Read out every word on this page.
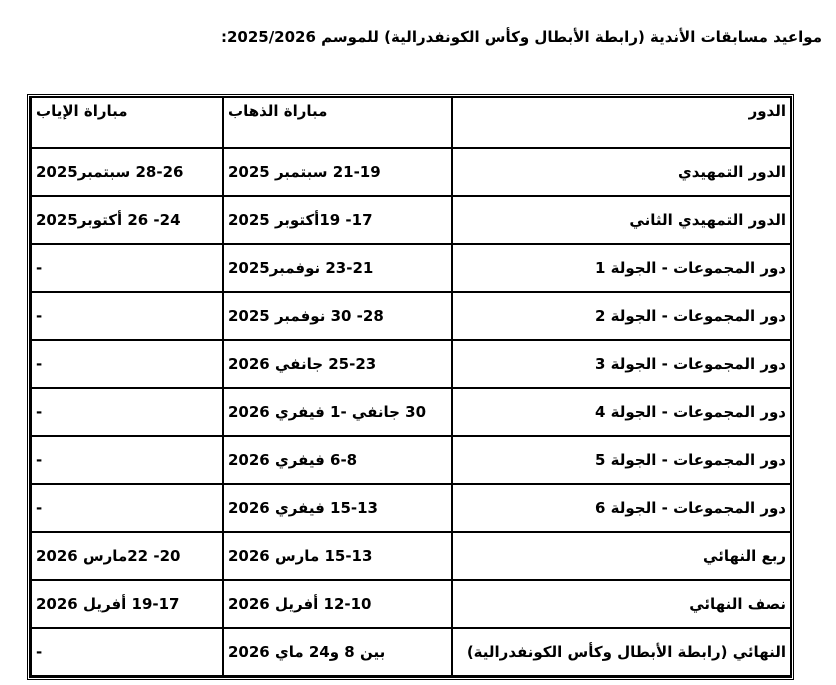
مواعيد مسابقات الأندية (رابطة الأبطال وكأس الكونفدرالية) للموسم 2025/2026:
الدور	مباراة الذهاب	مباراة الإياب
الدور التمهيدي	21-19 سبتمبر 2025	28-26 سبتمبر2025
الدور التمهيدي الثاني	17- 19أكتوبر 2025	24- 26 أكتوبر2025
دور المجموعات - الجولة 1	23-21 نوفمبر2025	-
دور المجموعات - الجولة 2	28- 30 نوفمبر 2025	-
دور المجموعات - الجولة 3	25-23 جانفي 2026	-
دور المجموعات - الجولة 4	30 جانفي -1 فيفري 2026	-
دور المجموعات - الجولة 5	6-8 فيفري 2026	-
دور المجموعات - الجولة 6	15-13 فيفري 2026	-
ربع النهائي	15-13 مارس 2026	20- 22مارس 2026
نصف النهائي	12-10 أفريل 2026	19-17 أفريل 2026
النهائي (رابطة الأبطال وكأس الكونفدرالية)	بين 8 و24 ماي 2026	-
